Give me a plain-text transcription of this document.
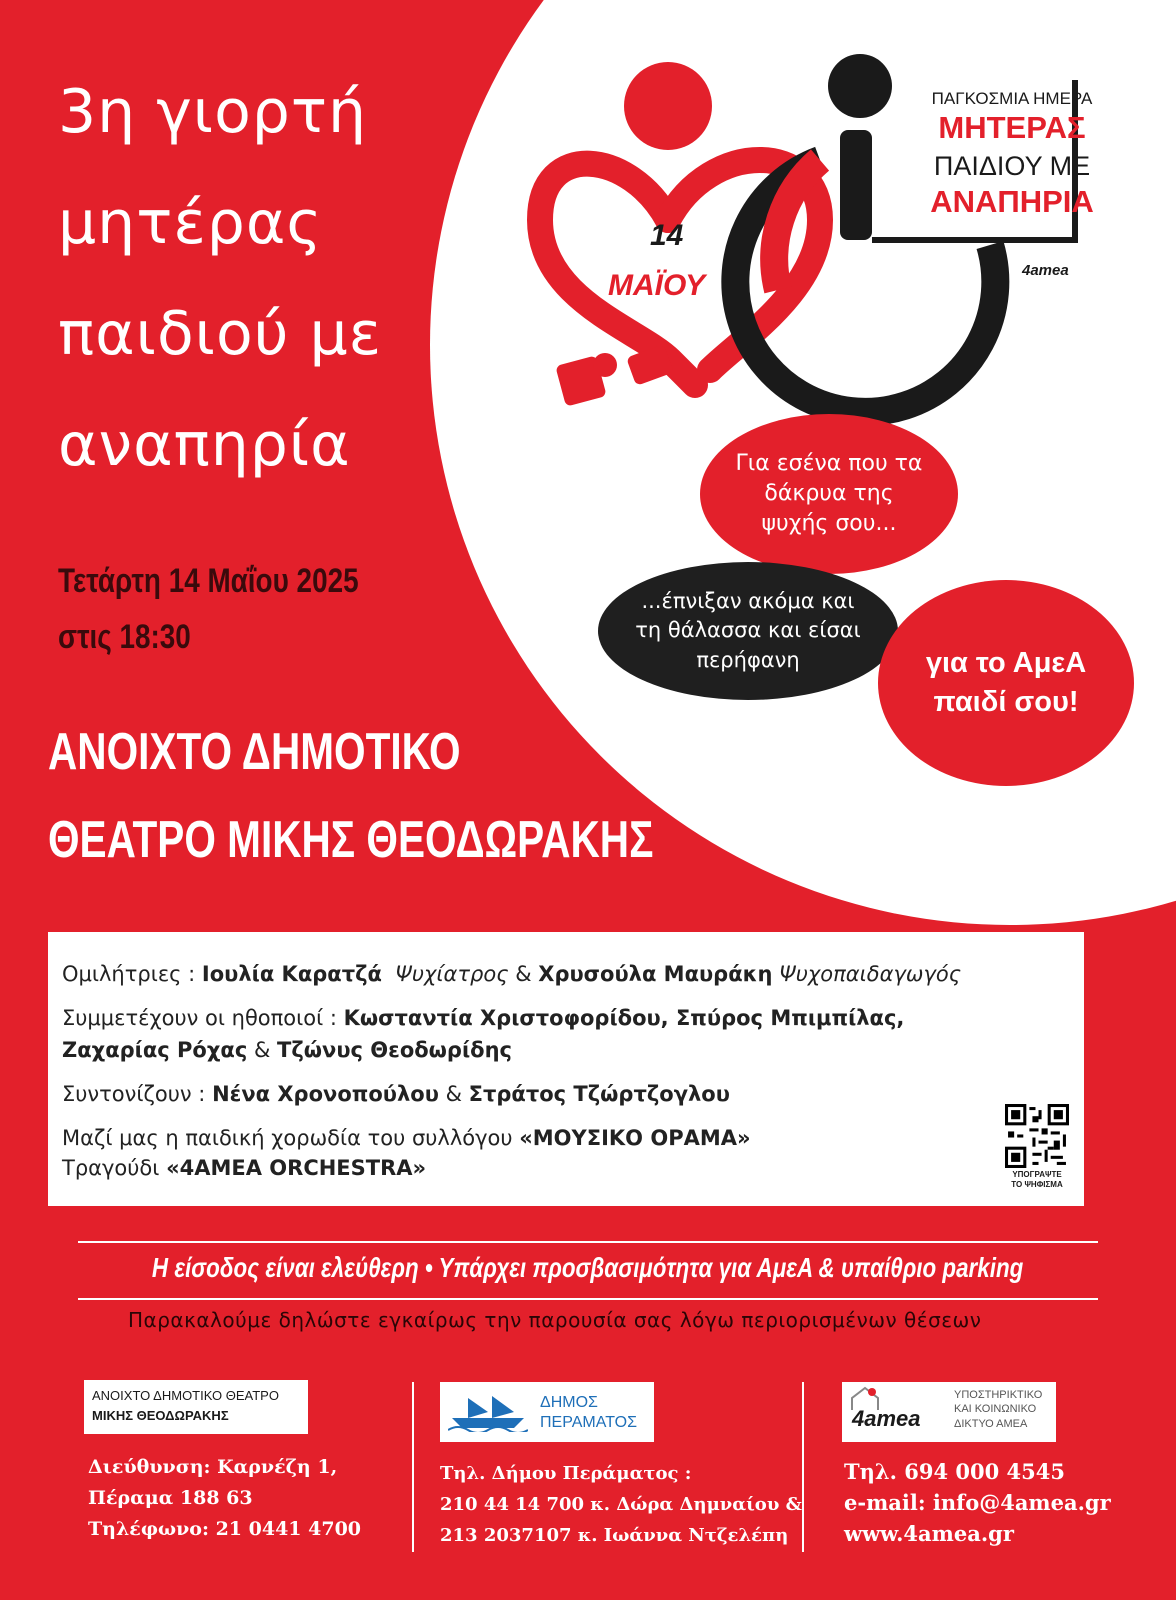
3η γιορτή
μητέρας
παιδιού με
αναπηρία
Τετάρτη 14 Μαΐου 2025
στις 18:30
ΑΝΟΙΧΤΟ ΔΗΜΟΤΙΚΟ
ΘΕΑΤΡΟ ΜΙΚΗΣ ΘΕΟΔΩΡΑΚΗΣ
14
ΜΑΪΟΥ
ΠΑΓΚΟΣΜΙΑ ΗΜΕΡΑ
ΜΗΤΕΡΑΣ
ΠΑΙΔΙΟΥ ΜΕ
ΑΝΑΠΗΡΙΑ
4amea
Για εσένα που τα δάκρυα της ψυχής σου...
...έπνιξαν ακόμα και τη θάλασσα και είσαι περήφανη	για το ΑμεΑ παιδί σου!
Ομιλήτριες : Ιουλία Καρατζά Ψυχίατρος & Χρυσούλα Μαυράκη Ψυχοπαιδαγωγός
Συμμετέχουν οι ηθοποιοί : Κωσταντία Χριστοφορίδου, Σπύρος Μπιμπίλας,
Ζαχαρίας Ρόχας & Τζώνυς Θεοδωρίδης
Συντονίζουν : Νένα Χρονοπούλου & Στράτος Τζώρτζογλου
Μαζί μας η παιδική χορωδία του συλλόγου «ΜΟΥΣΙΚΟ ΟΡΑΜΑ»
Τραγούδι «4AMEA ORCHESTRA»	ΥΠΟΓΡΑΨΤΕ
ΤΟ ΨΗΦΙΣΜΑ
Η είσοδος είναι ελεύθερη • Υπάρχει προσβασιμότητα για ΑμεΑ & υπαίθριο parking
Παρακαλούμε δηλώστε εγκαίρως την παρουσία σας λόγω περιορισμένων θέσεων
ΑΝΟΙΧΤΟ ΔΗΜΟΤΙΚΟ ΘΕΑΤΡΟ
ΜΙΚΗΣ ΘΕΟΔΩΡΑΚΗΣ
Διεύθυνση: Καρνέζη 1,
Πέραμα 188 63
Τηλέφωνο: 21 0441 4700
ΔΗΜΟΣ
ΠΕΡΑΜΑΤΟΣ
Τηλ. Δήμου Περάματος :
210 44 14 700 κ. Δώρα Δημναίου &
213 2037107 κ. Ιωάννα Ντζελέπη
4amea
ΥΠΟΣΤΗΡΙΚΤΙΚΟ
ΚΑΙ ΚΟΙΝΩΝΙΚΟ
ΔΙΚΤΥΟ ΑΜΕΑ
Τηλ. 694 000 4545
e-mail: info@4amea.gr
www.4amea.gr
